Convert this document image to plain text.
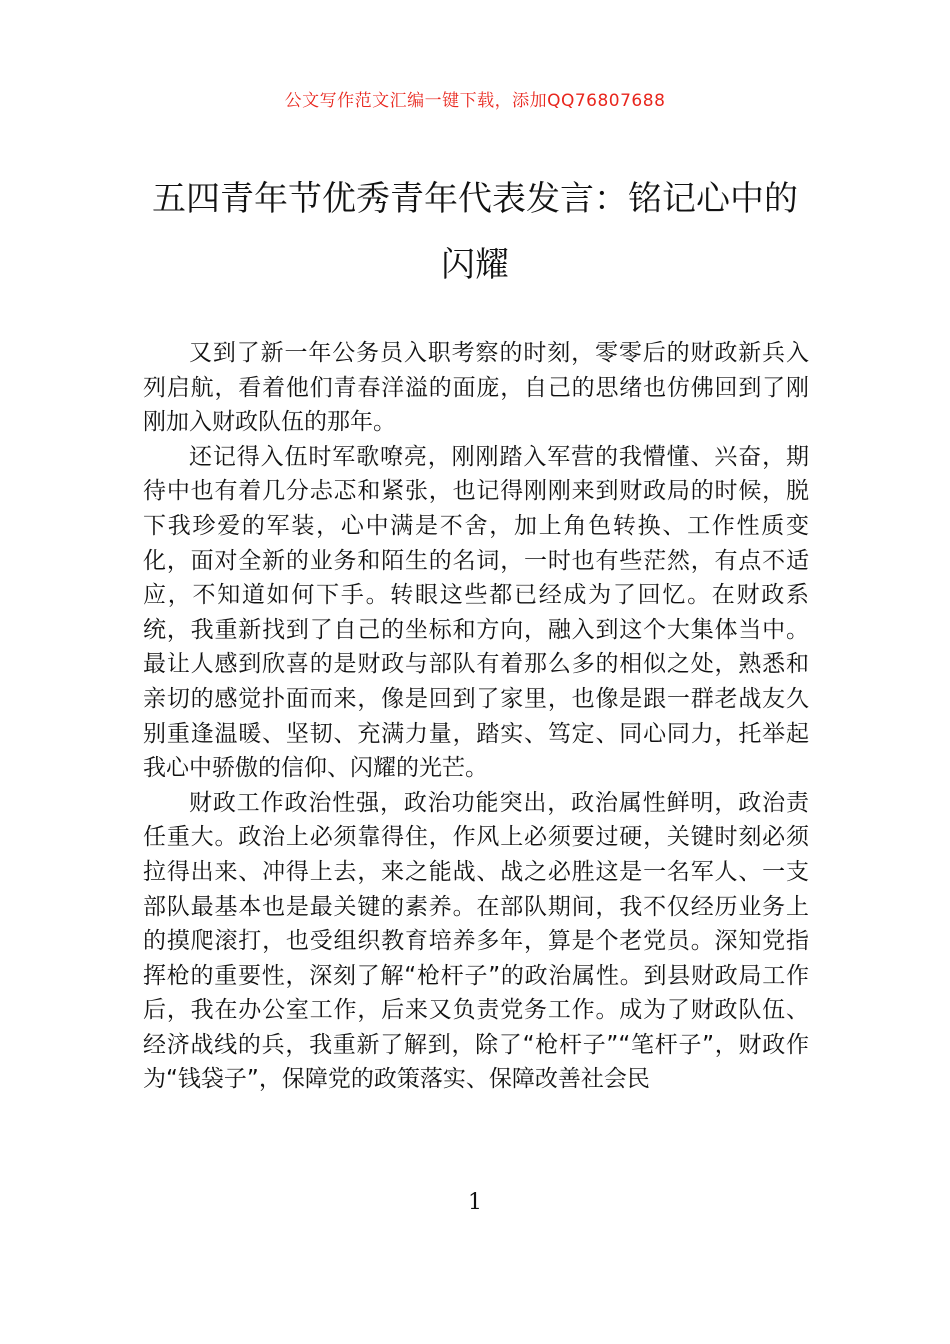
公文写作范文汇编一键下载，添加QQ76807688
五四青年节优秀青年代表发言：铭记心中的闪耀

又到了新一年公务员入职考察的时刻，零零后的财政新兵入列启航，看着他们青春洋溢的面庞，自己的思绪也仿佛回到了刚刚加入财政队伍的那年。

还记得入伍时军歌嘹亮，刚刚踏入军营的我懵懂、兴奋，期待中也有着几分忐忑和紧张，也记得刚刚来到财政局的时候，脱下我珍爱的军装，心中满是不舍，加上角色转换、工作性质变化，面对全新的业务和陌生的名词，一时也有些茫然，有点不适应，不知道如何下手。转眼这些都已经成为了回忆。在财政系统，我重新找到了自己的坐标和方向，融入到这个大集体当中。最让人感到欣喜的是财政与部队有着那么多的相似之处，熟悉和亲切的感觉扑面而来，像是回到了家里，也像是跟一群老战友久别重逢温暖、坚韧、充满力量，踏实、笃定、同心同力，托举起我心中骄傲的信仰、闪耀的光芒。

财政工作政治性强，政治功能突出，政治属性鲜明，政治责任重大。政治上必须靠得住，作风上必须要过硬，关键时刻必须拉得出来、冲得上去，来之能战、战之必胜这是一名军人、一支部队最基本也是最关键的素养。在部队期间，我不仅经历业务上的摸爬滚打，也受组织教育培养多年，算是个老党员。深知党指挥枪的重要性，深刻了解“枪杆子”的政治属性。到县财政局工作后，我在办公室工作，后来又负责党务工作。成为了财政队伍、经济战线的兵，我重新了解到，除了“枪杆子”“笔杆子”，财政作为“钱袋子”，保障党的政策落实、保障改善社会民

1
